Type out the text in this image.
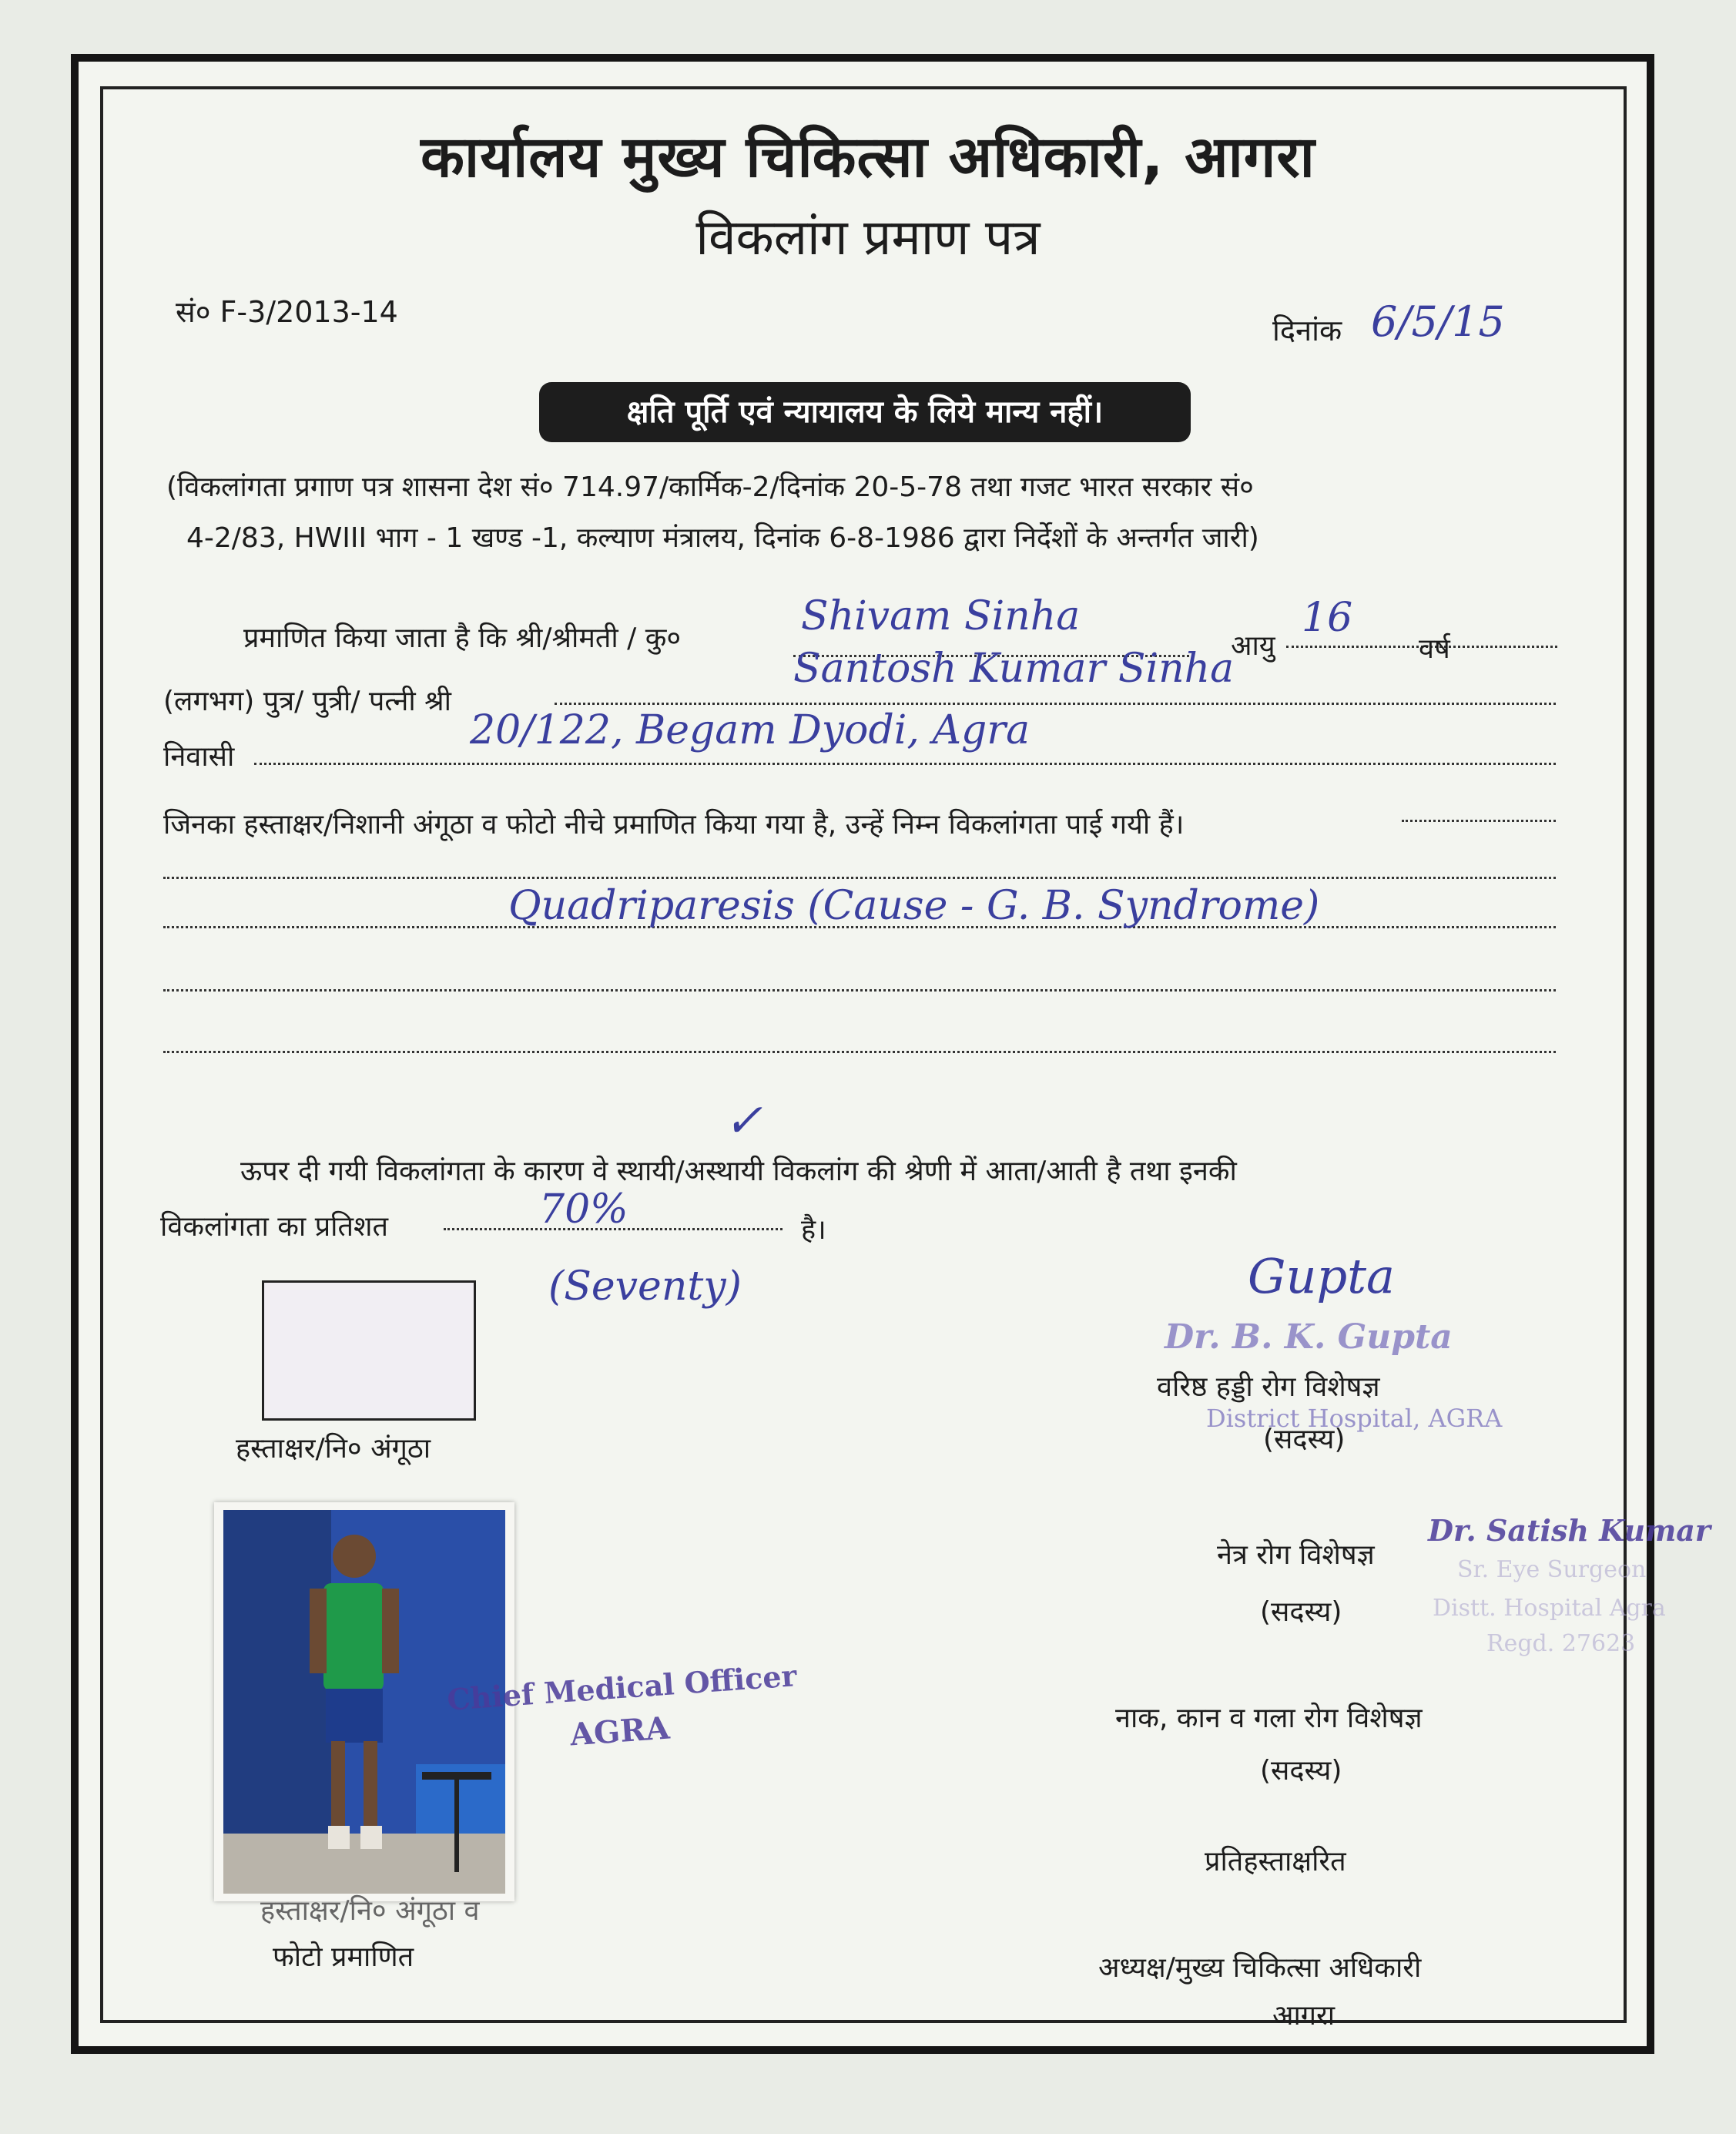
कार्यालय मुख्य चिकित्सा अधिकारी, आगरा
विकलांग प्रमाण पत्र
सं० F-3/2013-14
दिनांक 6/5/15
क्षति पूर्ति एवं न्यायालय के लिये मान्य नहीं।
(विकलांगता प्रगाण पत्र शासना देश सं० 714.97/कार्मिक-2/दिनांक 20-5-78 तथा गजट भारत सरकार सं०
4-2/83, HWIII भाग - 1 खण्ड -1, कल्याण मंत्रालय, दिनांक 6-8-1986 द्वारा निर्देशों के अन्तर्गत जारी)
प्रमाणित किया जाता है कि श्री/श्रीमती / कु०	Shivam Sinha
आयु
16
वर्ष
(लगभग) पुत्र/ पुत्री/ पत्नी श्री
Santosh Kumar Sinha
निवासी
20/122, Begam Dyodi, Agra
जिनका हस्ताक्षर/निशानी अंगूठा व फोटो नीचे प्रमाणित किया गया है, उन्हें निम्न विकलांगता पाई गयी हैं।
Quadriparesis (Cause - G. B. Syndrome)
✓
ऊपर दी गयी विकलांगता के कारण वे स्थायी/अस्थायी विकलांग की श्रेणी में आता/आती है तथा इनकी
विकलांगता का प्रतिशत	70%	है।
(Seventy)
हस्ताक्षर/नि० अंगूठा
हस्ताक्षर/नि० अंगूठा व
फोटो प्रमाणित
Chief Medical Officer
AGRA
Gupta
Dr. B. K. Gupta
वरिष्ठ हड्डी रोग विशेषज्ञ
District Hospital, AGRA
(सदस्य)
नेत्र रोग विशेषज्ञ
(सदस्य)
Dr. Satish Kumar
Sr. Eye Surgeon
Distt. Hospital Agra
Regd. 27623
नाक, कान व गला रोग विशेषज्ञ
(सदस्य)
प्रतिहस्ताक्षरित
अध्यक्ष/मुख्य चिकित्सा अधिकारी
आगरा
